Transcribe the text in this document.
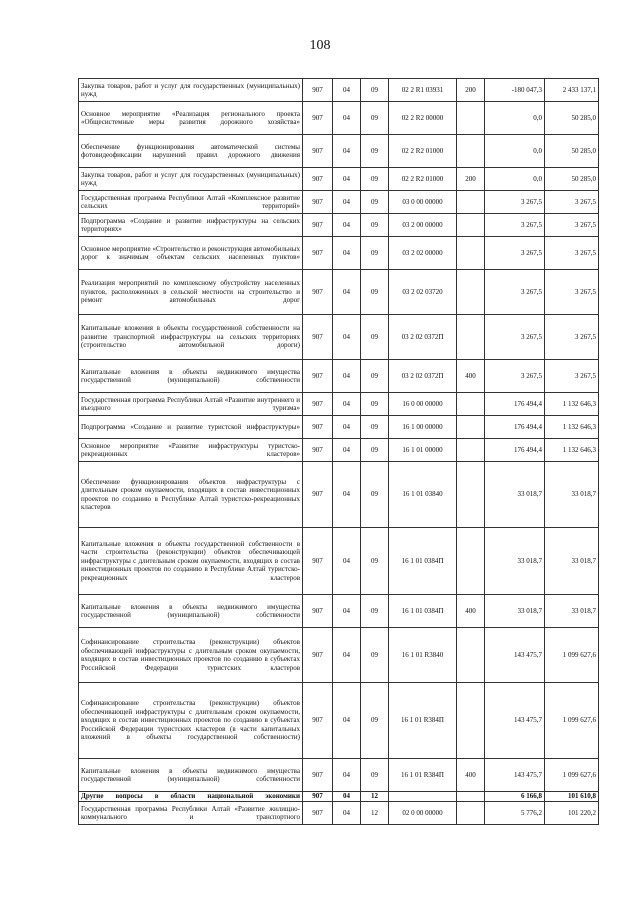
108
Закупка товаров, работ и услуг для государственных (муниципальных) нужд	907	04	09	02 2 R1 03931	200	-180 047,3	2 433 137,1
Основное мероприятие «Реализация регионального проекта «Общесистемные меры развития дорожного хозяйства»	907	04	09	02 2 R2 00000		0,0	50 285,0
Обеспечение функционирования автоматической системы фотовидеофиксации нарушений правил дорожного движения	907	04	09	02 2 R2 01000		0,0	50 285,0
Закупка товаров, работ и услуг для государственных (муниципальных) нужд	907	04	09	02 2 R2 01000	200	0,0	50 285,0
Государственная программа Республики Алтай «Комплексное развитие сельских территорий»	907	04	09	03 0 00 00000		3 267,5	3 267,5
Подпрограмма «Создание и развитие инфраструктуры на сельских территориях»	907	04	09	03 2 00 00000		3 267,5	3 267,5
Основное мероприятие «Строительство и реконструкция автомобильных дорог к значимым объектам сельских населенных пунктов»	907	04	09	03 2 02 00000		3 267,5	3 267,5
Реализация мероприятий по комплексному обустройству населенных пунктов, расположенных в сельской местности на строительство и ремонт автомобильных дорог	907	04	09	03 2 02 03720		3 267,5	3 267,5
Капитальные вложения в объекты государственной собственности на развитие транспортной инфраструктуры на сельских территориях (строительство автомобильной дороги)	907	04	09	03 2 02 0372П		3 267,5	3 267,5
Капитальные вложения в объекты недвижимого имущества государственной (муниципальной) собственности	907	04	09	03 2 02 0372П	400	3 267,5	3 267,5
Государственная программа Республики Алтай «Развитие внутреннего и въездного туризма»	907	04	09	16 0 00 00000		176 494,4	1 132 646,3
Подпрограмма «Создание и развитие туристской инфраструктуры»	907	04	09	16 1 00 00000		176 494,4	1 132 646,3
Основное мероприятие «Развитие инфраструктуры туристско-рекреационных кластеров»	907	04	09	16 1 01 00000		176 494,4	1 132 646,3
Обеспечение функционирования объектов инфраструктуры с длительным сроком окупаемости, входящих в состав инвестиционных проектов по созданию в Республике Алтай туристско-рекреационных кластеров	907	04	09	16 1 01 03840		33 018,7	33 018,7
Капитальные вложения в объекты государственной собственности в части строительства (реконструкции) объектов обеспечивающей инфраструктуры с длительным сроком окупаемости, входящих в состав инвестиционных проектов по созданию в Республике Алтай туристско-рекреационных кластеров	907	04	09	16 1 01 0384П		33 018,7	33 018,7
Капитальные вложения в объекты недвижимого имущества государственной (муниципальной) собственности	907	04	09	16 1 01 0384П	400	33 018,7	33 018,7
Софинансирование строительства (реконструкции) объектов обеспечивающей инфраструктуры с длительным сроком окупаемости, входящих в состав инвестиционных проектов по созданию в субъектах Российской Федерации туристских кластеров	907	04	09	16 1 01 R3840		143 475,7	1 099 627,6
Софинансирование строительства (реконструкции) объектов обеспечивающей инфраструктуры с длительным сроком окупаемости, входящих в состав инвестиционных проектов по созданию в субъектах Российской Федерации туристских кластеров (в части капитальных вложений в объекты государственной собственности)	907	04	09	16 1 01 R384П		143 475,7	1 099 627,6
Капитальные вложения в объекты недвижимого имущества государственной (муниципальной) собственности	907	04	09	16 1 01 R384П	400	143 475,7	1 099 627,6
Другие вопросы в области национальной экономики	907	04	12			6 166,8	101 610,8
Государственная программа Республики Алтай «Развитие жилищно-коммунального и транспортного	907	04	12	02 0 00 00000		5 776,2	101 220,2
